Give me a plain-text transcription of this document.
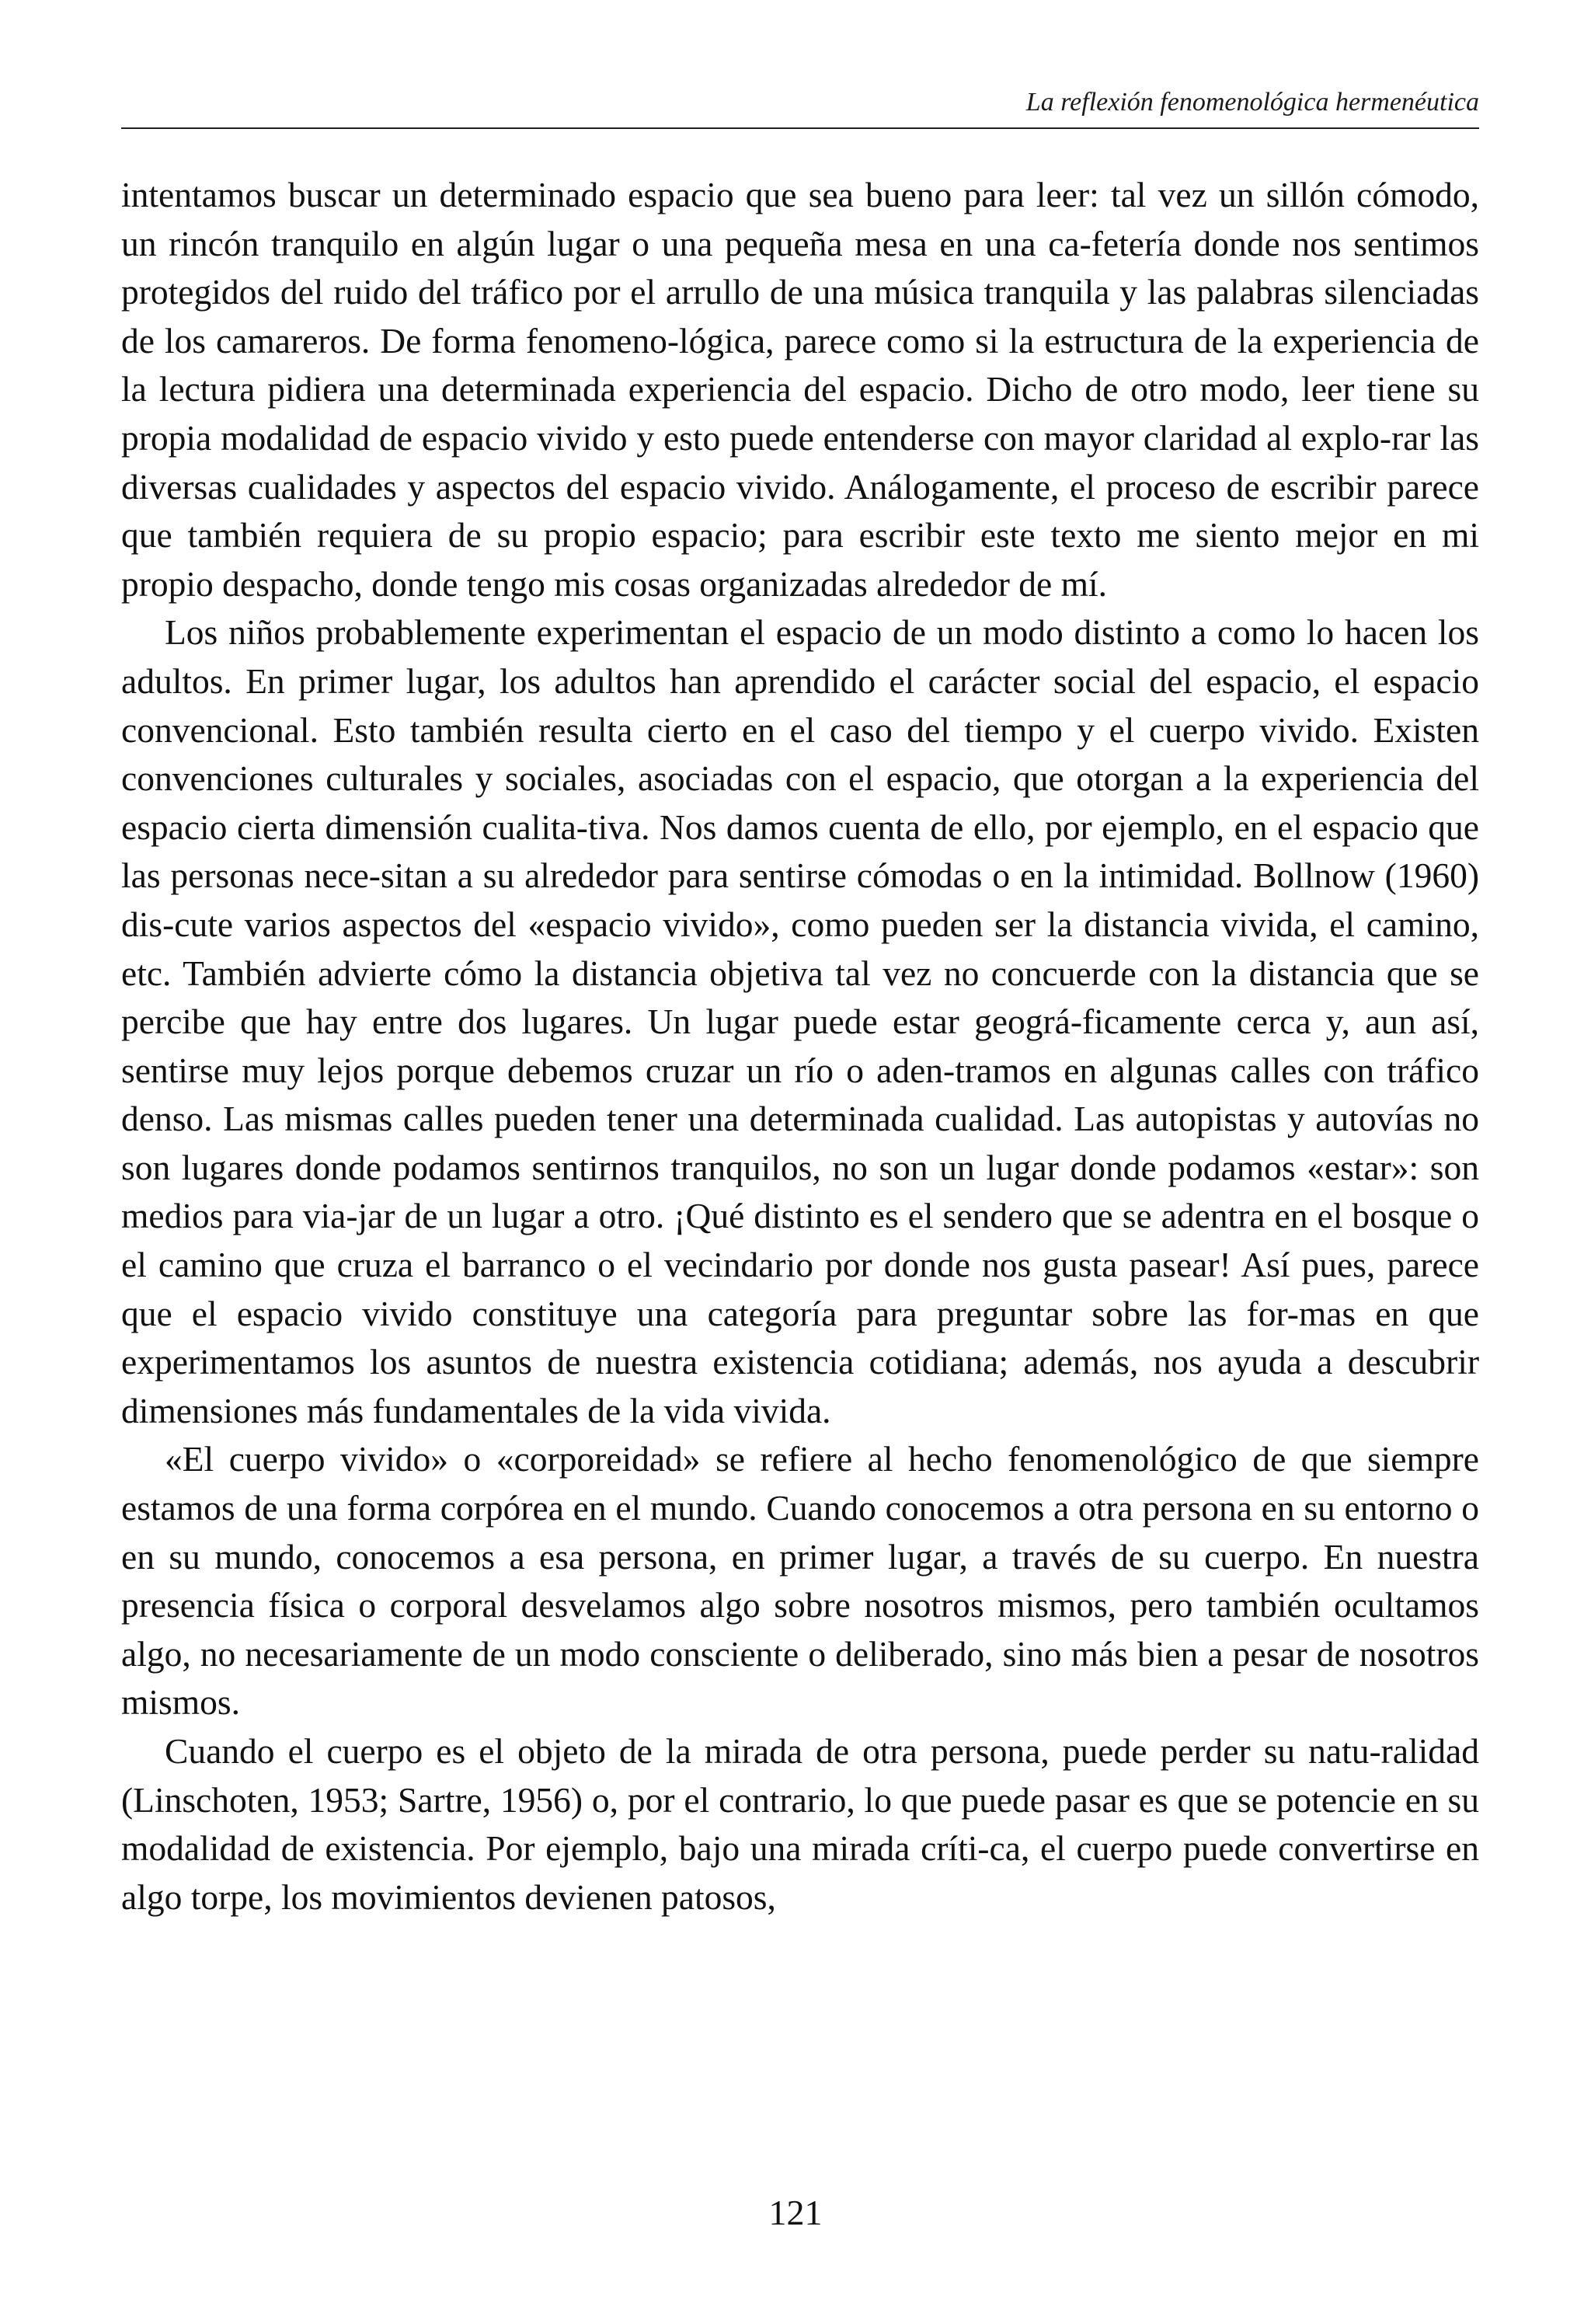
La reflexión fenomenológica hermenéutica

intentamos buscar un determinado espacio que sea bueno para leer: tal vez un sillón cómodo, un rincón tranquilo en algún lugar o una pequeña mesa en una ca-fetería donde nos sentimos protegidos del ruido del tráfico por el arrullo de una música tranquila y las palabras silenciadas de los camareros. De forma fenomeno-lógica, parece como si la estructura de la experiencia de la lectura pidiera una determinada experiencia del espacio. Dicho de otro modo, leer tiene su propia modalidad de espacio vivido y esto puede entenderse con mayor claridad al explo-rar las diversas cualidades y aspectos del espacio vivido. Análogamente, el proceso de escribir parece que también requiera de su propio espacio; para escribir este texto me siento mejor en mi propio despacho, donde tengo mis cosas organizadas alrededor de mí.

Los niños probablemente experimentan el espacio de un modo distinto a como lo hacen los adultos. En primer lugar, los adultos han aprendido el carácter social del espacio, el espacio convencional. Esto también resulta cierto en el caso del tiempo y el cuerpo vivido. Existen convenciones culturales y sociales, asociadas con el espacio, que otorgan a la experiencia del espacio cierta dimensión cualita-tiva. Nos damos cuenta de ello, por ejemplo, en el espacio que las personas nece-sitan a su alrededor para sentirse cómodas o en la intimidad. Bollnow (1960) dis-cute varios aspectos del «espacio vivido», como pueden ser la distancia vivida, el camino, etc. También advierte cómo la distancia objetiva tal vez no concuerde con la distancia que se percibe que hay entre dos lugares. Un lugar puede estar geográ-ficamente cerca y, aun así, sentirse muy lejos porque debemos cruzar un río o aden-tramos en algunas calles con tráfico denso. Las mismas calles pueden tener una determinada cualidad. Las autopistas y autovías no son lugares donde podamos sentirnos tranquilos, no son un lugar donde podamos «estar»: son medios para via-jar de un lugar a otro. ¡Qué distinto es el sendero que se adentra en el bosque o el camino que cruza el barranco o el vecindario por donde nos gusta pasear! Así pues, parece que el espacio vivido constituye una categoría para preguntar sobre las for-mas en que experimentamos los asuntos de nuestra existencia cotidiana; además, nos ayuda a descubrir dimensiones más fundamentales de la vida vivida.

«El cuerpo vivido» o «corporeidad» se refiere al hecho fenomenológico de que siempre estamos de una forma corpórea en el mundo. Cuando conocemos a otra persona en su entorno o en su mundo, conocemos a esa persona, en primer lugar, a través de su cuerpo. En nuestra presencia física o corporal desvelamos algo sobre nosotros mismos, pero también ocultamos algo, no necesariamente de un modo consciente o deliberado, sino más bien a pesar de nosotros mismos.

Cuando el cuerpo es el objeto de la mirada de otra persona, puede perder su natu-ralidad (Linschoten, 1953; Sartre, 1956) o, por el contrario, lo que puede pasar es que se potencie en su modalidad de existencia. Por ejemplo, bajo una mirada críti-ca, el cuerpo puede convertirse en algo torpe, los movimientos devienen patosos,

121
